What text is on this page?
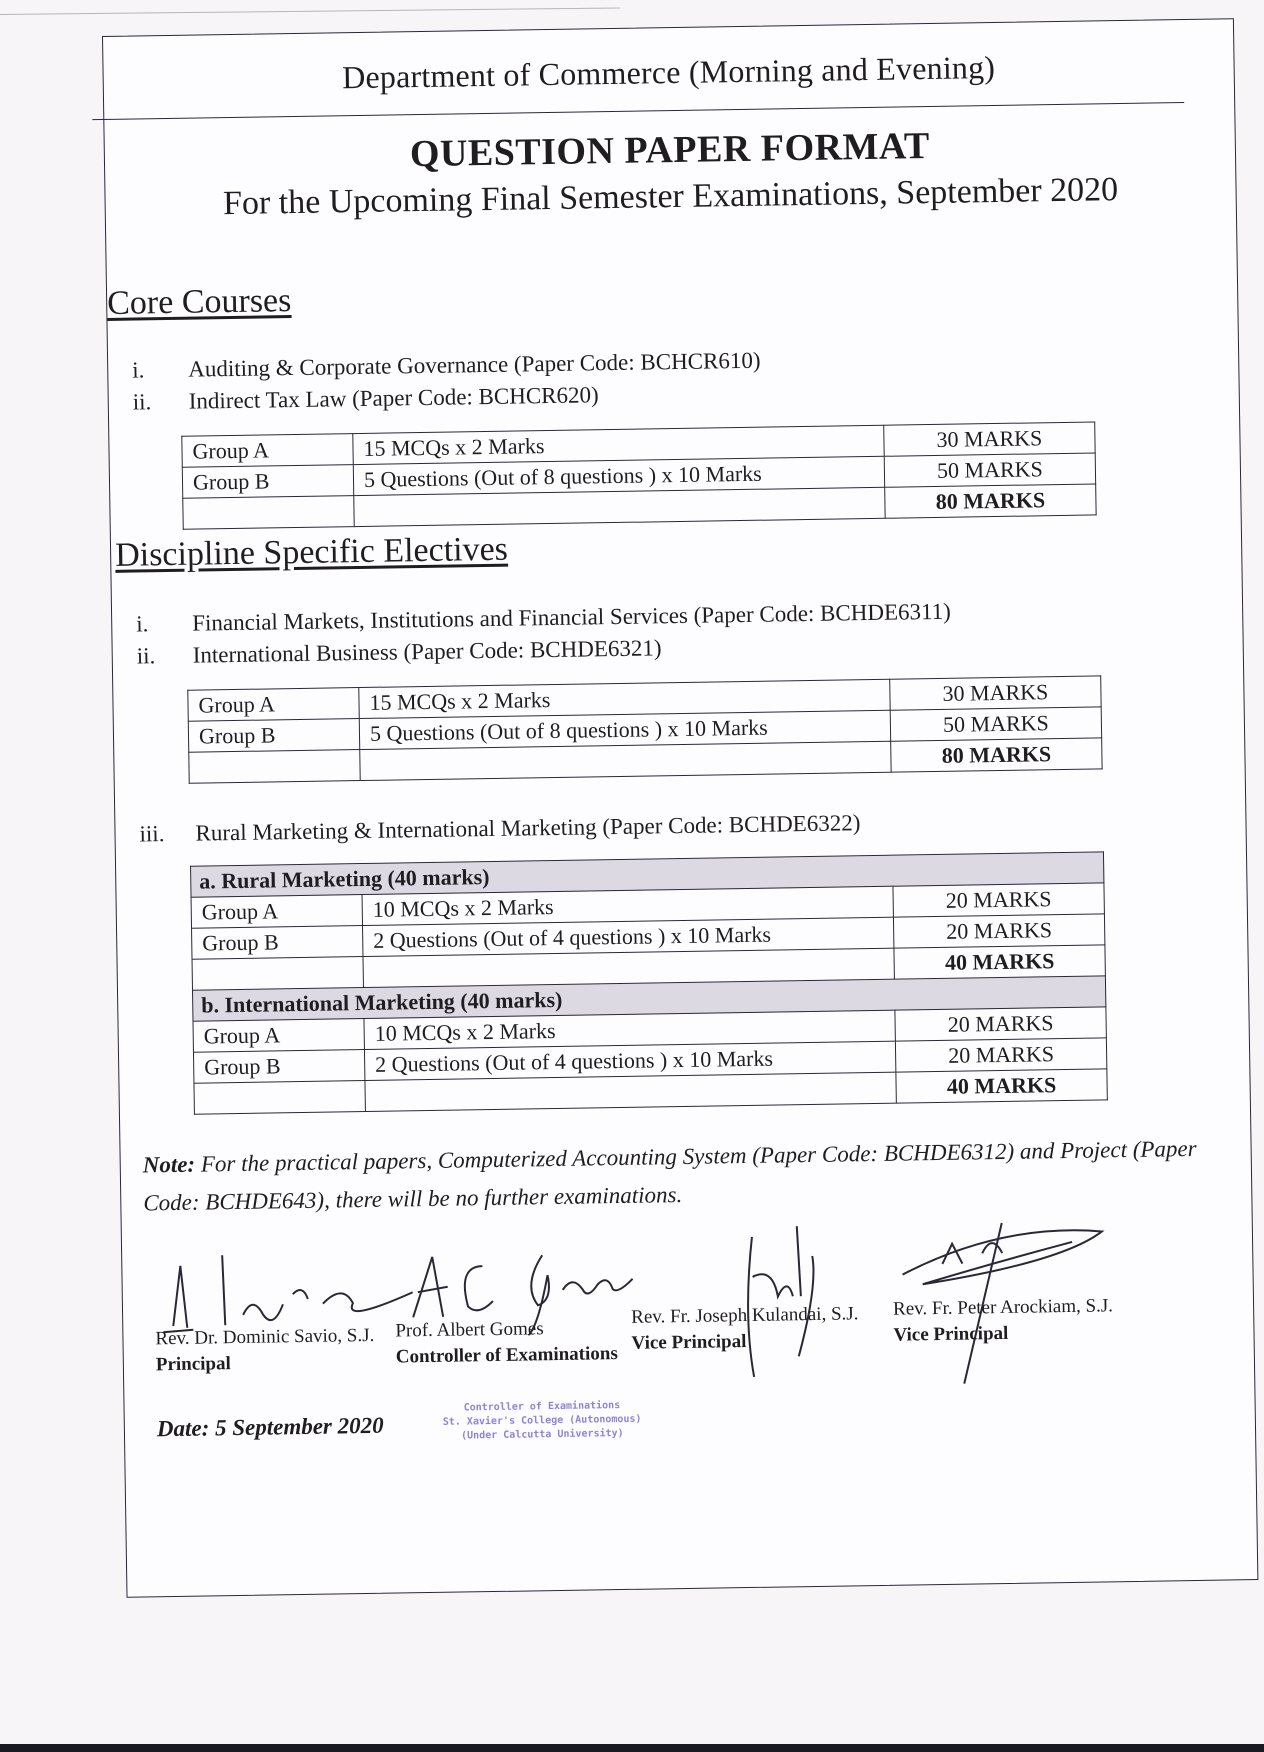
Department of Commerce (Morning and Evening)
QUESTION PAPER FORMAT
For the Upcoming Final Semester Examinations, September 2020
Core Courses
i.	Auditing & Corporate Governance (Paper Code: BCHCR610)
ii.	Indirect Tax Law (Paper Code: BCHCR620)
Group A	15 MCQs x 2 Marks	30 MARKS
Group B	5 Questions (Out of 8 questions ) x 10 Marks	50 MARKS
		80 MARKS
Discipline Specific Electives
i.	Financial Markets, Institutions and Financial Services (Paper Code: BCHDE6311)
ii.	International Business (Paper Code: BCHDE6321)
Group A	15 MCQs x 2 Marks	30 MARKS
Group B	5 Questions (Out of 8 questions ) x 10 Marks	50 MARKS
		80 MARKS
iii.	Rural Marketing & International Marketing (Paper Code: BCHDE6322)
a. Rural Marketing (40 marks)		
Group A	10 MCQs x 2 Marks	20 MARKS
Group B	2 Questions (Out of 4 questions ) x 10 Marks	20 MARKS
		40 MARKS
b. International Marketing (40 marks)		
Group A	10 MCQs x 2 Marks	20 MARKS
Group B	2 Questions (Out of 4 questions ) x 10 Marks	20 MARKS
		40 MARKS
Note: For the practical papers, Computerized Accounting System (Paper Code: BCHDE6312) and Project (Paper Code: BCHDE643), there will be no further examinations.
Rev. Dr. Dominic Savio, S.J.
Principal
Prof. Albert Gomes
Controller of Examinations
Rev. Fr. Joseph Kulandai, S.J.
Vice Principal
Rev. Fr. Peter Arockiam, S.J.
Vice Principal
Date: 5 September 2020
Controller of Examinations
St. Xavier's College (Autonomous)
(Under Calcutta University)
